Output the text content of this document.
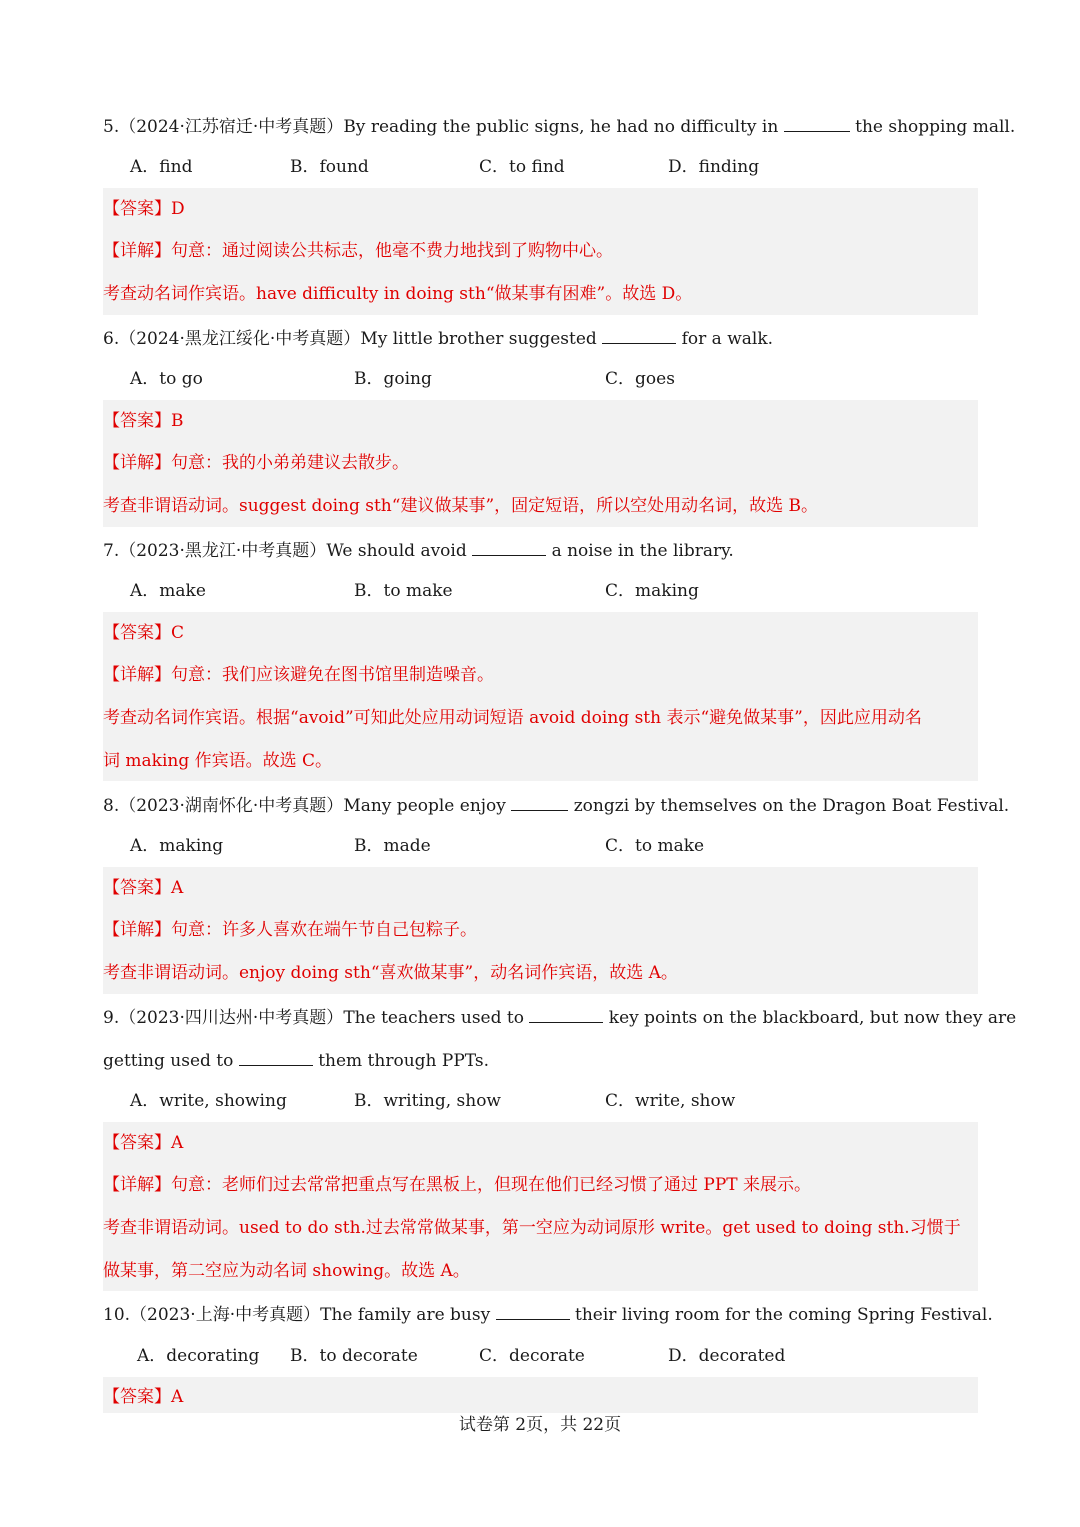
5.（2024·江苏宿迁·中考真题）By reading the public signs, he had no difficulty in	the shopping mall.
A．find	B．found	C．to find	D．finding
【答案】D
【详解】句意：通过阅读公共标志，他毫不费力地找到了购物中心。
考查动名词作宾语。have difficulty in doing sth“做某事有困难”。故选 D。
6.（2024·黑龙江绥化·中考真题）My little brother suggested	for a walk.
A．to go	B．going	C．goes
【答案】B
【详解】句意：我的小弟弟建议去散步。
考查非谓语动词。suggest doing sth“建议做某事”，固定短语，所以空处用动名词，故选 B。
7.（2023·黑龙江·中考真题）We should avoid	a noise in the library.
A．make	B．to make	C．making
【答案】C
【详解】句意：我们应该避免在图书馆里制造噪音。
考查动名词作宾语。根据“avoid”可知此处应用动词短语 avoid doing sth 表示“避免做某事”，因此应用动名
词 making 作宾语。故选 C。
8.（2023·湖南怀化·中考真题）Many people enjoy	zongzi by themselves on the Dragon Boat Festival.
A．making	B．made	C．to make
【答案】A
【详解】句意：许多人喜欢在端午节自己包粽子。
考查非谓语动词。enjoy doing sth“喜欢做某事”，动名词作宾语，故选 A。
9.（2023·四川达州·中考真题）The teachers used to	key points on the blackboard, but now they are
getting used to	them through PPTs.
A．write, showing	B．writing, show	C．write, show
【答案】A
【详解】句意：老师们过去常常把重点写在黑板上，但现在他们已经习惯了通过 PPT 来展示。
考查非谓语动词。used to do sth.过去常常做某事，第一空应为动词原形 write。get used to doing sth.习惯于
做某事，第二空应为动名词 showing。故选 A。
10.（2023·上海·中考真题）The family are busy	their living room for the coming Spring Festival.
A．decorating B．to decorate	C．decorate	D．decorated
【答案】A
试卷第 2页，共 22页
